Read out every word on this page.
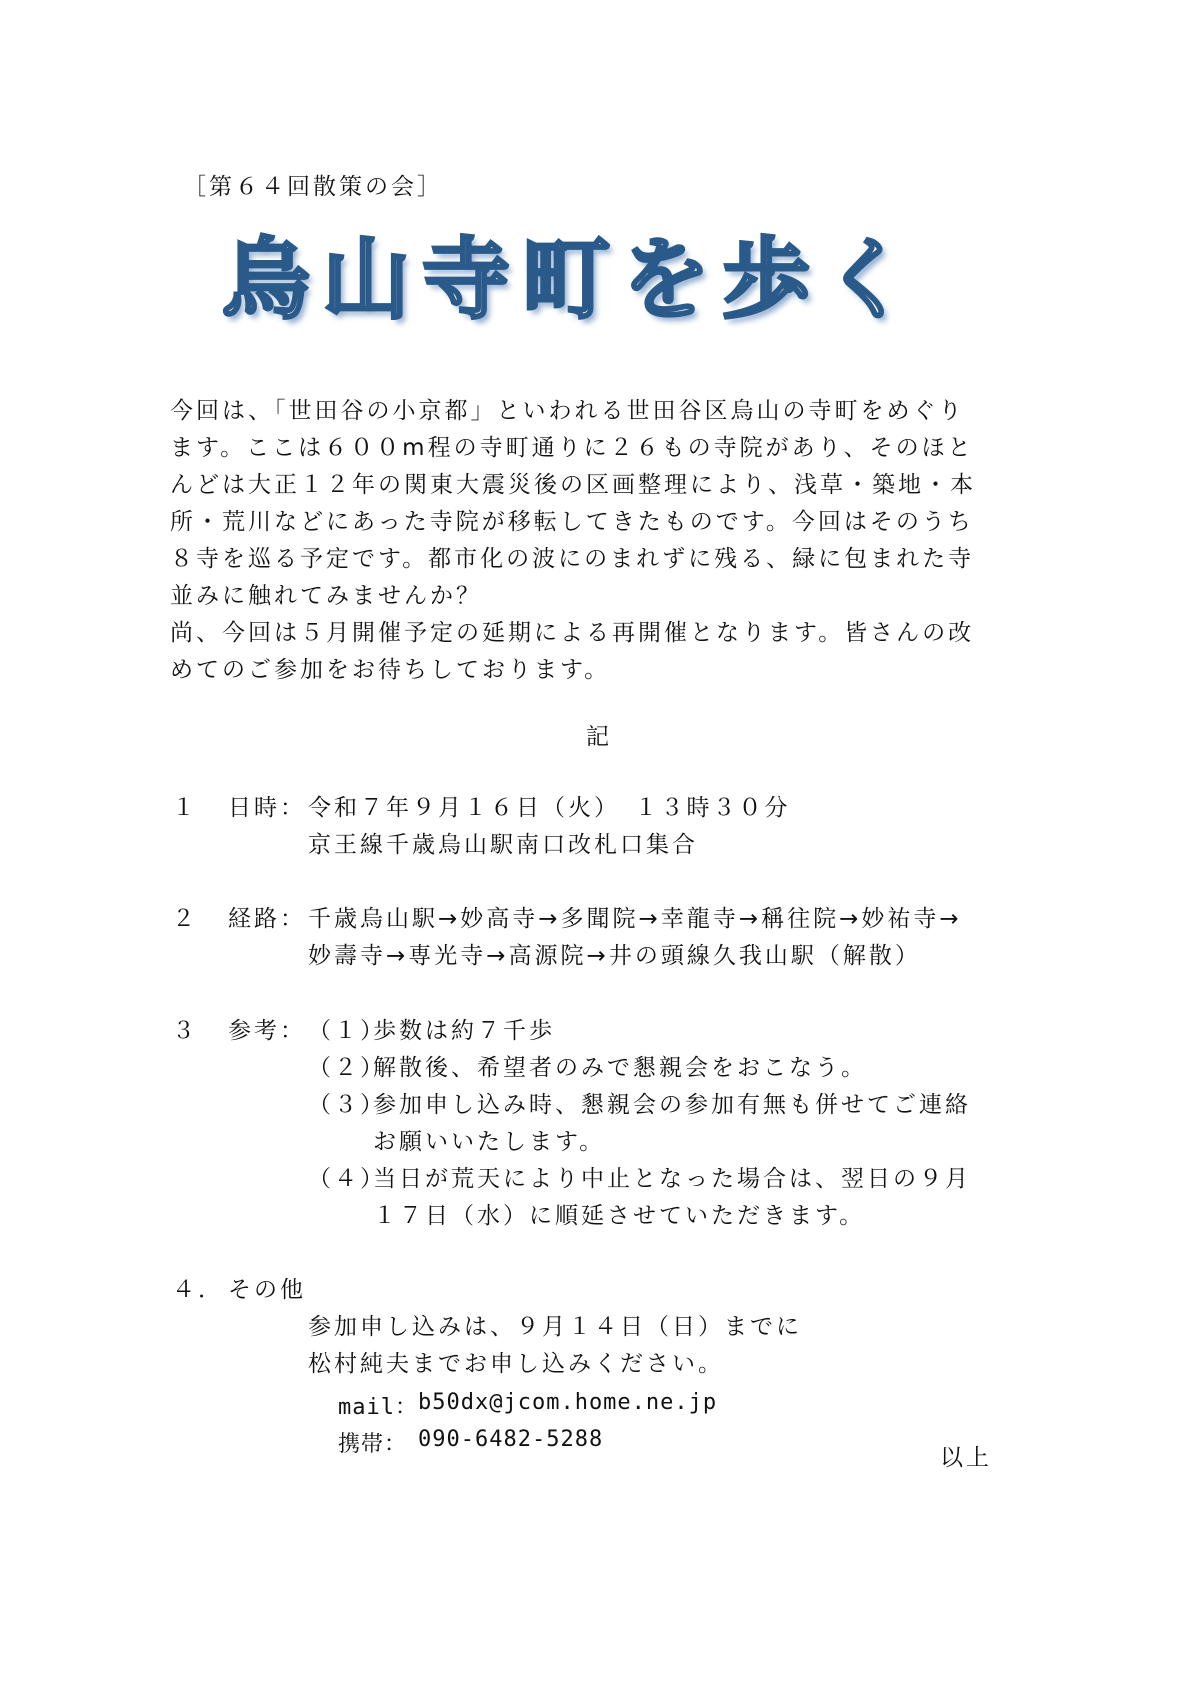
［第６４回散策の会］
烏山寺町を歩く
今回は、「世田谷の小京都」といわれる世田谷区烏山の寺町をめぐり
ます。ここは６００m程の寺町通りに２６もの寺院があり、そのほと
んどは大正１２年の関東大震災後の区画整理により、浅草・築地・本
所・荒川などにあった寺院が移転してきたものです。今回はそのうち
８寺を巡る予定です。都市化の波にのまれずに残る、緑に包まれた寺
並みに触れてみませんか？
尚、今回は５月開催予定の延期による再開催となります。皆さんの改
めてのご参加をお待ちしております。
記
１ 日時： 令和７年９月１６日（火）　１３時３０分
京王線千歳烏山駅南口改札口集合
２ 経路： 千歳烏山駅→妙高寺→多聞院→幸龍寺→稱往院→妙祐寺→
妙壽寺→専光寺→高源院→井の頭線久我山駅（解散）
３ 参考： （１）
歩数は約７千歩
（２）
解散後、希望者のみで懇親会をおこなう。
（３）
参加申し込み時、懇親会の参加有無も併せてご連絡
お願いいたします。
（４）
当日が荒天により中止となった場合は、翌日の９月
１７日（水）に順延させていただきます。
４． その他
参加申し込みは、９月１４日（日）までに
松村純夫までお申し込みください。
mail： b50dx@jcom.home.ne.jp
携帯： 090-6482-5288
以上
